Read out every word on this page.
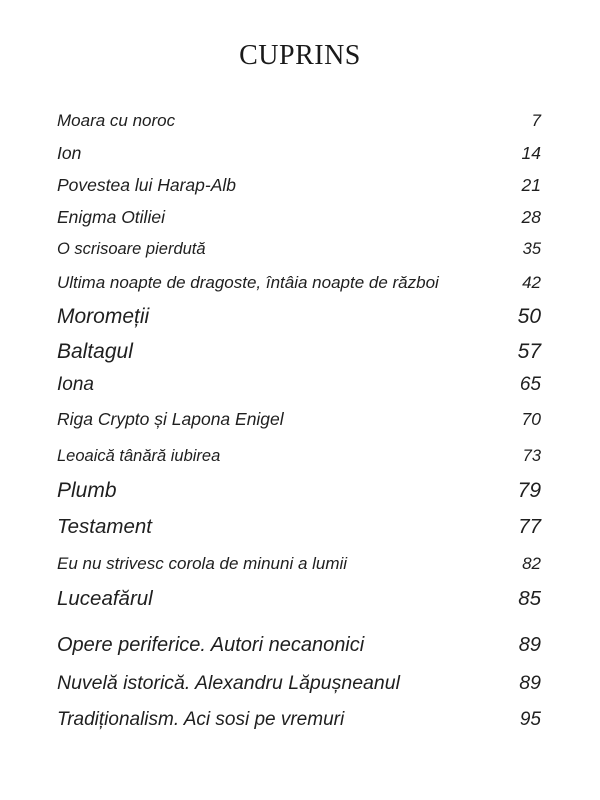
CUPRINS
Moara cu noroc	7
Ion	14
Povestea lui Harap-Alb	21
Enigma Otiliei	28
O scrisoare pierdută	35
Ultima noapte de dragoste, întâia noapte de război	42
Moromeții	50
Baltagul	57
Iona	65
Riga Crypto și Lapona Enigel	70
Leoaică tânără iubirea	73
Plumb	79
Testament	77
Eu nu strivesc corola de minuni a lumii	82
Luceafărul	85
Opere periferice. Autori necanonici	89
Nuvelă istorică. Alexandru Lăpușneanul	89
Tradiționalism. Aci sosi pe vremuri	95
